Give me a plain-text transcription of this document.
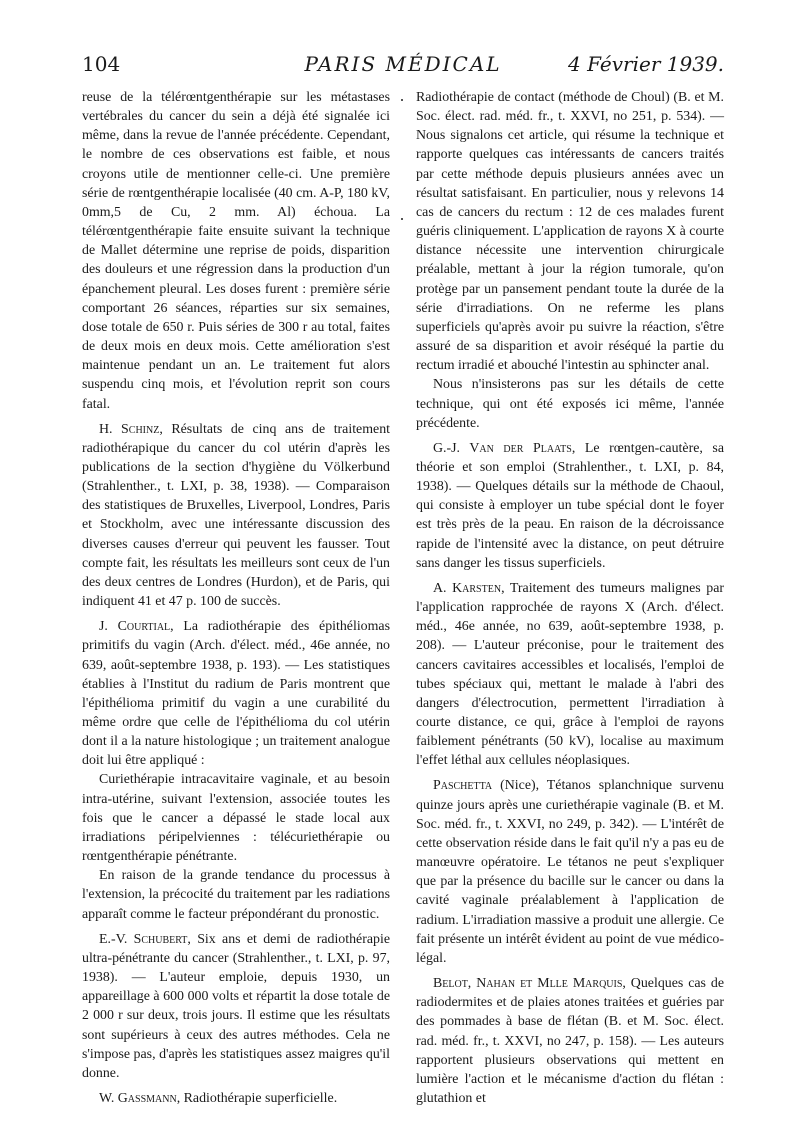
104	PARIS MÉDICAL	4 Février 1939.

reuse de la télérœntgenthérapie sur les métastases vertébrales du cancer du sein a déjà été signalée ici même, dans la revue de l'année précédente. Cependant, le nombre de ces observations est faible, et nous croyons utile de mentionner celle-ci. Une première série de rœntgenthérapie localisée (40 cm. A-P, 180 kV, 0mm,5 de Cu, 2 mm. Al) échoua. La télérœntgenthérapie faite ensuite suivant la technique de Mallet détermine une reprise de poids, disparition des douleurs et une régression dans la production d'un épanchement pleural. Les doses furent : première série comportant 26 séances, réparties sur six semaines, dose totale de 650 r. Puis séries de 300 r au total, faites de deux mois en deux mois. Cette amélioration s'est maintenue pendant un an. Le traitement fut alors suspendu cinq mois, et l'évolution reprit son cours fatal.

H. Schinz, Résultats de cinq ans de traitement radiothérapique du cancer du col utérin d'après les publications de la section d'hygiène du Völkerbund (Strahlenther., t. LXI, p. 38, 1938). — Comparaison des statistiques de Bruxelles, Liverpool, Londres, Paris et Stockholm, avec une intéressante discussion des diverses causes d'erreur qui peuvent les fausser. Tout compte fait, les résultats les meilleurs sont ceux de l'un des deux centres de Londres (Hurdon), et de Paris, qui indiquent 41 et 47 p. 100 de succès.

J. Courtial, La radiothérapie des épithéliomas primitifs du vagin (Arch. d'élect. méd., 46e année, no 639, août-septembre 1938, p. 193). — Les statistiques établies à l'Institut du radium de Paris montrent que l'épithélioma primitif du vagin a une curabilité du même ordre que celle de l'épithélioma du col utérin dont il a la nature histologique ; un traitement analogue doit lui être appliqué :

Curiethérapie intracavitaire vaginale, et au besoin intra-utérine, suivant l'extension, associée toutes les fois que le cancer a dépassé le stade local aux irradiations péripelviennes : télécuriethérapie ou rœntgenthérapie pénétrante.

En raison de la grande tendance du processus à l'extension, la précocité du traitement par les radiations apparaît comme le facteur prépondérant du pronostic.

E.-V. Schubert, Six ans et demi de radiothérapie ultra-pénétrante du cancer (Strahlenther., t. LXI, p. 97, 1938). — L'auteur emploie, depuis 1930, un appareillage à 600 000 volts et répartit la dose totale de 2 000 r sur deux, trois jours. Il estime que les résultats sont supérieurs à ceux des autres méthodes. Cela ne s'impose pas, d'après les statistiques assez maigres qu'il donne.

W. Gassmann, Radiothérapie superficielle.

Radiothérapie de contact (méthode de Choul) (B. et M. Soc. élect. rad. méd. fr., t. XXVI, no 251, p. 534). — Nous signalons cet article, qui résume la technique et rapporte quelques cas intéressants de cancers traités par cette méthode depuis plusieurs années avec un résultat satisfaisant. En particulier, nous y relevons 14 cas de cancers du rectum : 12 de ces malades furent guéris cliniquement. L'application de rayons X à courte distance nécessite une intervention chirurgicale préalable, mettant à jour la région tumorale, qu'on protège par un pansement pendant toute la durée de la série d'irradiations. On ne referme les plans superficiels qu'après avoir pu suivre la réaction, s'être assuré de sa disparition et avoir réséqué la partie du rectum irradié et abouché l'intestin au sphincter anal.

Nous n'insisterons pas sur les détails de cette technique, qui ont été exposés ici même, l'année précédente.

G.-J. Van der Plaats, Le rœntgen-cautère, sa théorie et son emploi (Strahlenther., t. LXI, p. 84, 1938). — Quelques détails sur la méthode de Chaoul, qui consiste à employer un tube spécial dont le foyer est très près de la peau. En raison de la décroissance rapide de l'intensité avec la distance, on peut détruire sans danger les tissus superficiels.

A. Karsten, Traitement des tumeurs malignes par l'application rapprochée de rayons X (Arch. d'élect. méd., 46e année, no 639, août-septembre 1938, p. 208). — L'auteur préconise, pour le traitement des cancers cavitaires accessibles et localisés, l'emploi de tubes spéciaux qui, mettant le malade à l'abri des dangers d'électrocution, permettent l'irradiation à courte distance, ce qui, grâce à l'emploi de rayons faiblement pénétrants (50 kV), localise au maximum l'effet léthal aux cellules néoplasiques.

Paschetta (Nice), Tétanos splanchnique survenu quinze jours après une curiethérapie vaginale (B. et M. Soc. méd. fr., t. XXVI, no 249, p. 342). — L'intérêt de cette observation réside dans le fait qu'il n'y a pas eu de manœuvre opératoire. Le tétanos ne peut s'expliquer que par la présence du bacille sur le cancer ou dans la cavité vaginale préalablement à l'application de radium. L'irradiation massive a produit une allergie. Ce fait présente un intérêt évident au point de vue médico-légal.

Belot, Nahan et Mlle Marquis, Quelques cas de radiodermites et de plaies atones traitées et guéries par des pommades à base de flétan (B. et M. Soc. élect. rad. méd. fr., t. XXVI, no 247, p. 158). — Les auteurs rapportent plusieurs observations qui mettent en lumière l'action et le mécanisme d'action du flétan : glutathion et
